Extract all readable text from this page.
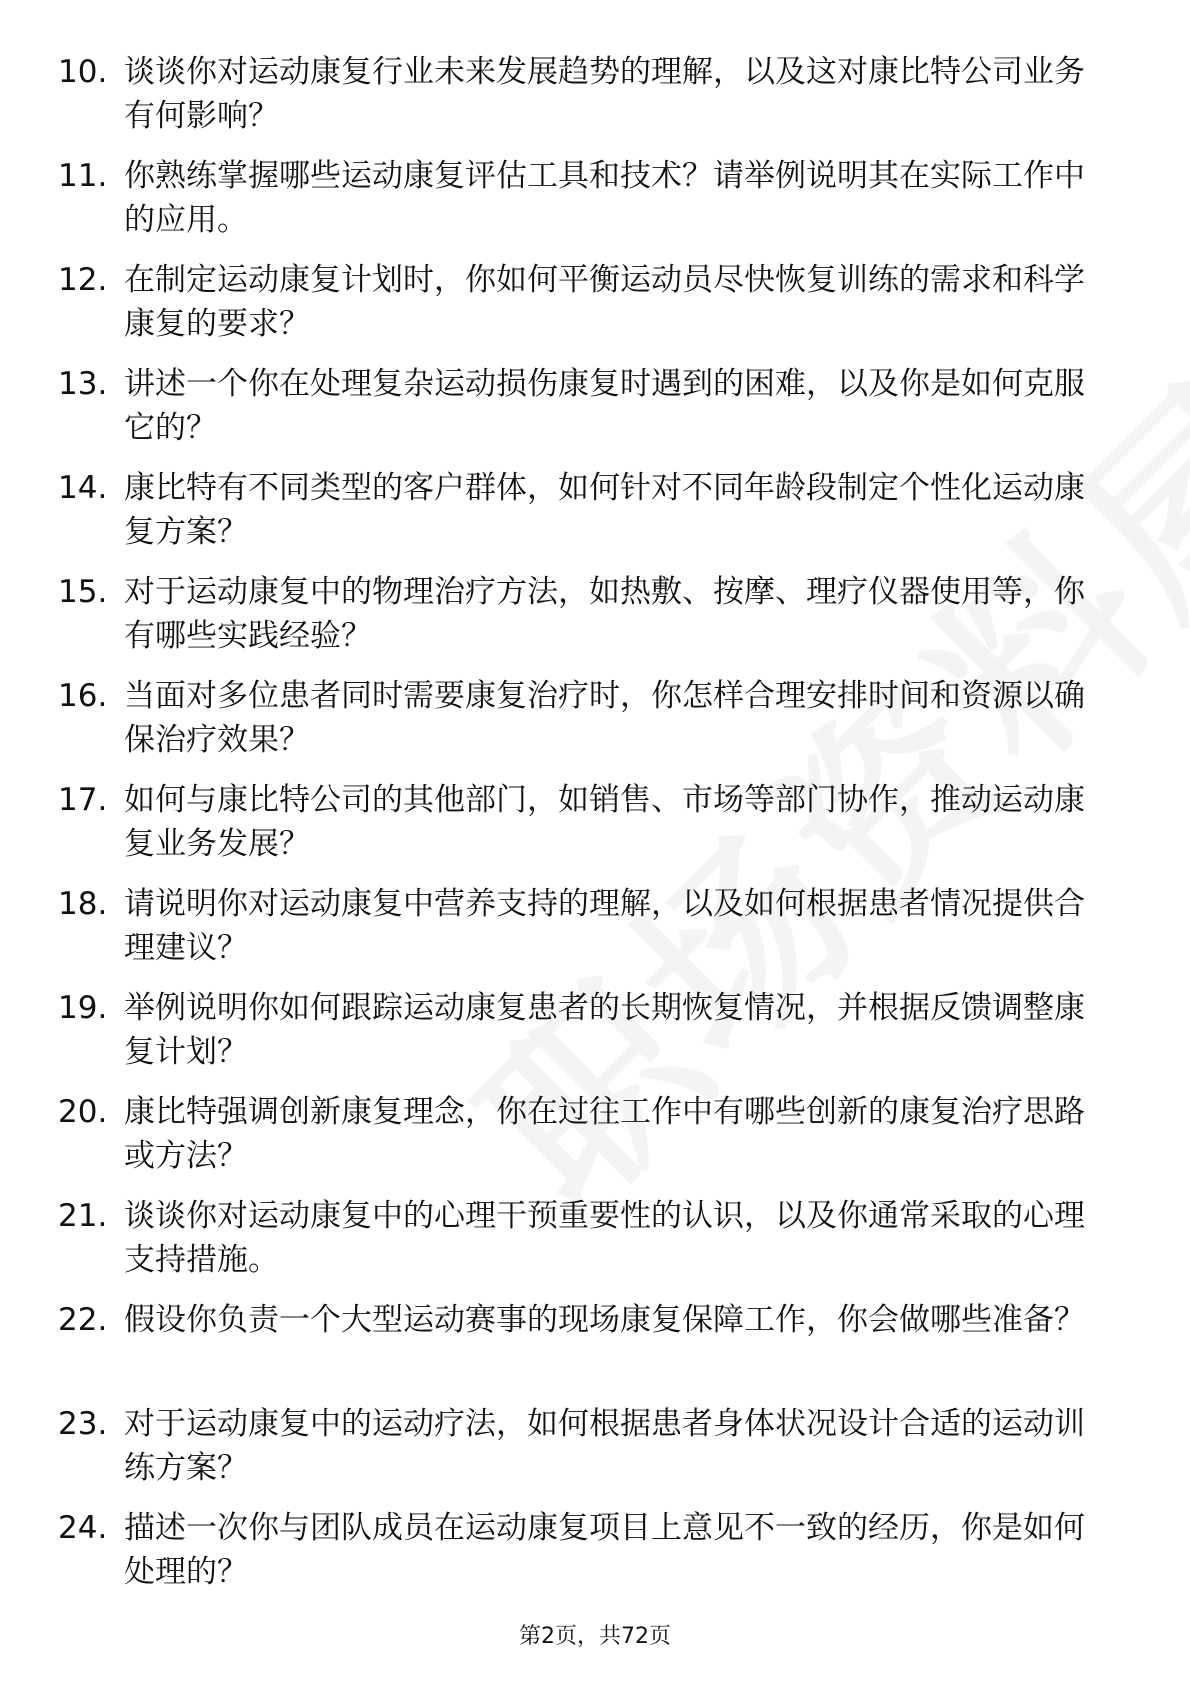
10. 谈谈你对运动康复行业未来发展趋势的理解，以及这对康比特公司业务有何影响？
11. 你熟练掌握哪些运动康复评估工具和技术？请举例说明其在实际工作中的应用。
12. 在制定运动康复计划时，你如何平衡运动员尽快恢复训练的需求和科学康复的要求？
13. 讲述一个你在处理复杂运动损伤康复时遇到的困难，以及你是如何克服它的？
14. 康比特有不同类型的客户群体，如何针对不同年龄段制定个性化运动康复方案？
15. 对于运动康复中的物理治疗方法，如热敷、按摩、理疗仪器使用等，你有哪些实践经验？
16. 当面对多位患者同时需要康复治疗时，你怎样合理安排时间和资源以确保治疗效果？
17. 如何与康比特公司的其他部门，如销售、市场等部门协作，推动运动康复业务发展？
18. 请说明你对运动康复中营养支持的理解，以及如何根据患者情况提供合理建议？
19. 举例说明你如何跟踪运动康复患者的长期恢复情况，并根据反馈调整康复计划？
20. 康比特强调创新康复理念，你在过往工作中有哪些创新的康复治疗思路或方法？
21. 谈谈你对运动康复中的心理干预重要性的认识，以及你通常采取的心理支持措施。
22. 假设你负责一个大型运动赛事的现场康复保障工作，你会做哪些准备？
23. 对于运动康复中的运动疗法，如何根据患者身体状况设计合适的运动训练方案？
24. 描述一次你与团队成员在运动康复项目上意见不一致的经历，你是如何处理的？
第2页，共72页
